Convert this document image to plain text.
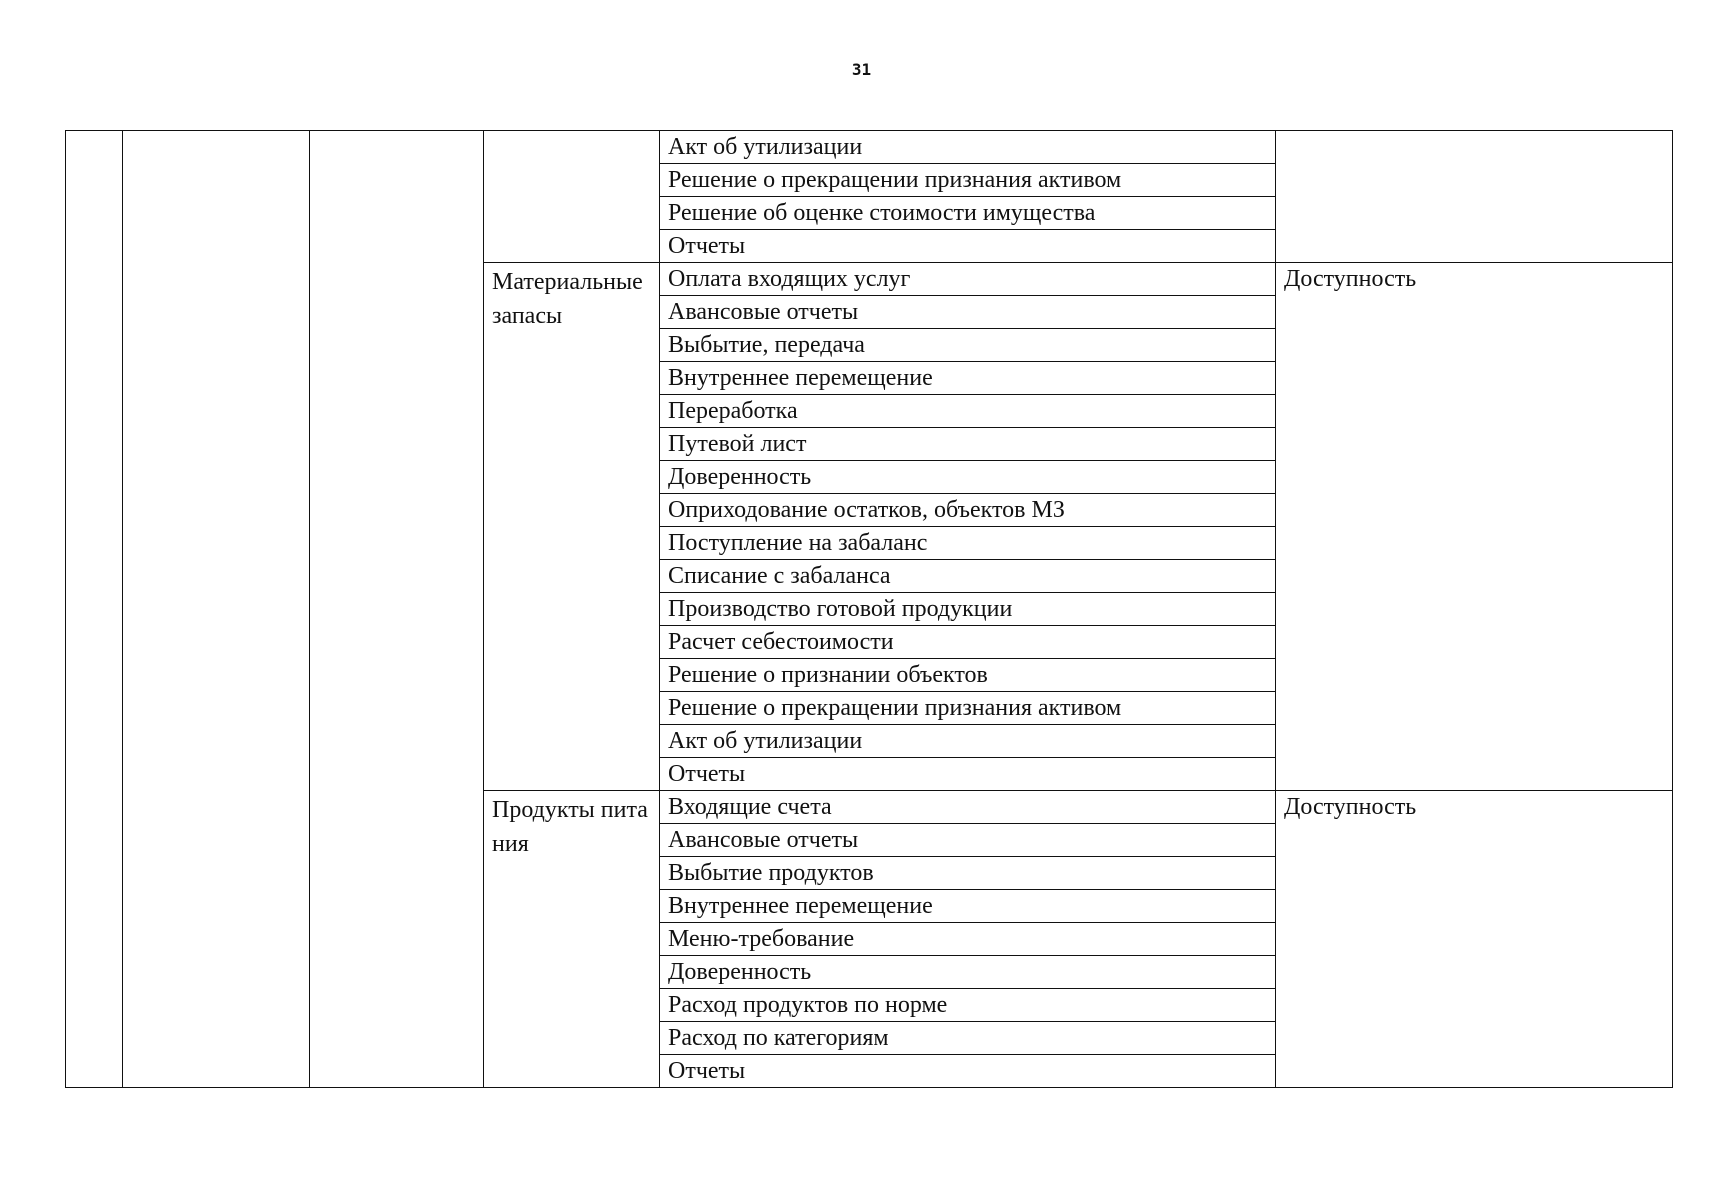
31
				Акт об утилизации	
				Решение о прекращении признания активом	
				Решение об оценке стоимости имущества	
				Отчеты	
			Материальные запасы	Оплата входящих услуг	Доступность
				Авансовые отчеты	
				Выбытие, передача	
				Внутреннее перемещение	
				Переработка	
				Путевой лист	
				Доверенность	
				Оприходование остатков, объектов МЗ	
				Поступление на забаланс	
				Списание с забаланса	
				Производство готовой продукции	
				Расчет себестоимости	
				Решение о признании объектов	
				Решение о прекращении признания активом	
				Акт об утилизации	
				Отчеты	
			Продукты питания	Входящие счета	Доступность
				Авансовые отчеты	
				Выбытие продуктов	
				Внутреннее перемещение	
				Меню-требование	
				Доверенность	
				Расход продуктов по норме	
				Расход по категориям	
				Отчеты	
